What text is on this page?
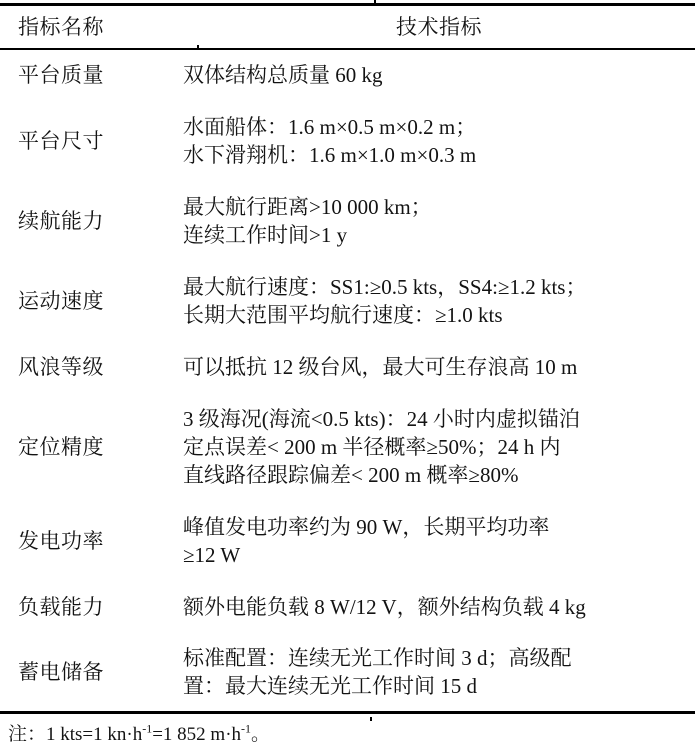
指标名称	技术指标
平台质量	双体结构总质量 60 kg

平台尺寸	水面船体：1.6 m×0.5 m×0.2 m；
水下滑翔机：1.6 m×1.0 m×0.3 m

续航能力	最大航行距离>10 000 km；
连续工作时间>1 y

运动速度	最大航行速度：SS1:≥0.5 kts，SS4:≥1.2 kts；
长期大范围平均航行速度：≥1.0 kts

风浪等级	可以抵抗 12 级台风，最大可生存浪高 10 m

定位精度	3 级海况(海流<0.5 kts)：24 小时内虚拟锚泊
定点误差< 200 m 半径概率≥50%；24 h 内
直线路径跟踪偏差< 200 m 概率≥80%

发电功率	峰值发电功率约为 90 W，长期平均功率
≥12 W

负载能力	额外电能负载 8 W/12 V，额外结构负载 4 kg

蓄电储备	标准配置：连续无光工作时间 3 d；高级配
置：最大连续无光工作时间 15 d
注：1 kts=1 $kn\cdot h^{-1}=1$ 852 $m\cdot h^{-1}$。
